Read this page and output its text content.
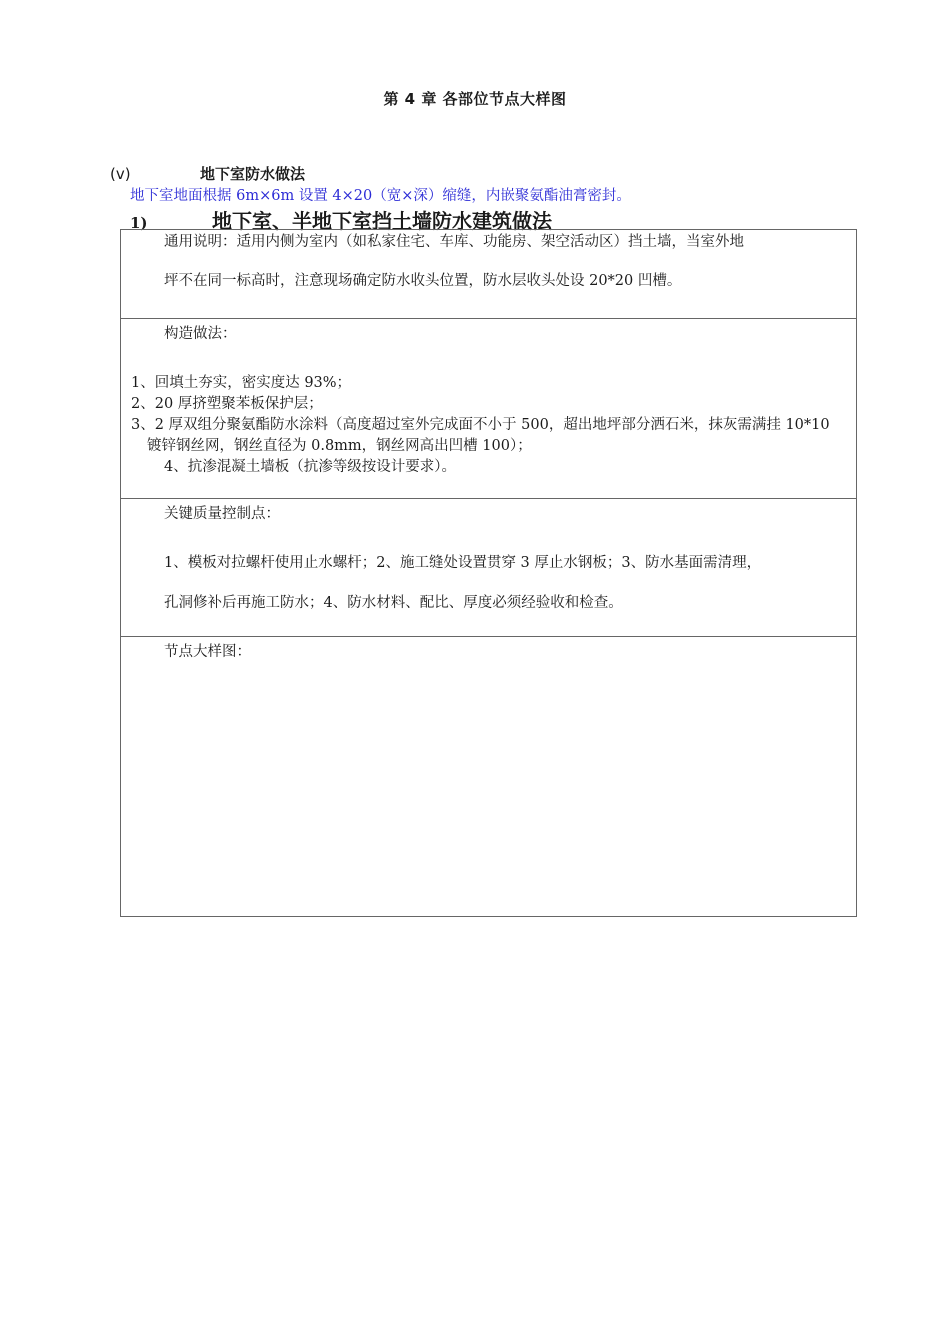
第 4 章 各部位节点大样图
(v)	地下室防水做法
地下室地面根据 6m×6m 设置 4×20（宽×深）缩缝，内嵌聚氨酯油膏密封。
1)	地下室、半地下室挡土墙防水建筑做法
通用说明：适用内侧为室内（如私家住宅、车库、功能房、架空活动区）挡土墙，当室外地
坪不在同一标高时，注意现场确定防水收头位置，防水层收头处设 20*20 凹槽。

构造做法：
1、回填土夯实，密实度达 93%；
2、20 厚挤塑聚苯板保护层；
3、2 厚双组分聚氨酯防水涂料（高度超过室外完成面不小于 500，超出地坪部分洒石米，抹灰需满挂 10*10 镀锌钢丝网，钢丝直径为 0.8mm，钢丝网高出凹槽 100）；
4、抗渗混凝土墙板（抗渗等级按设计要求）。

关键质量控制点：
1、模板对拉螺杆使用止水螺杆；2、施工缝处设置贯穿 3 厚止水钢板；3、防水基面需清理，
孔洞修补后再施工防水；4、防水材料、配比、厚度必须经验收和检查。

节点大样图：
